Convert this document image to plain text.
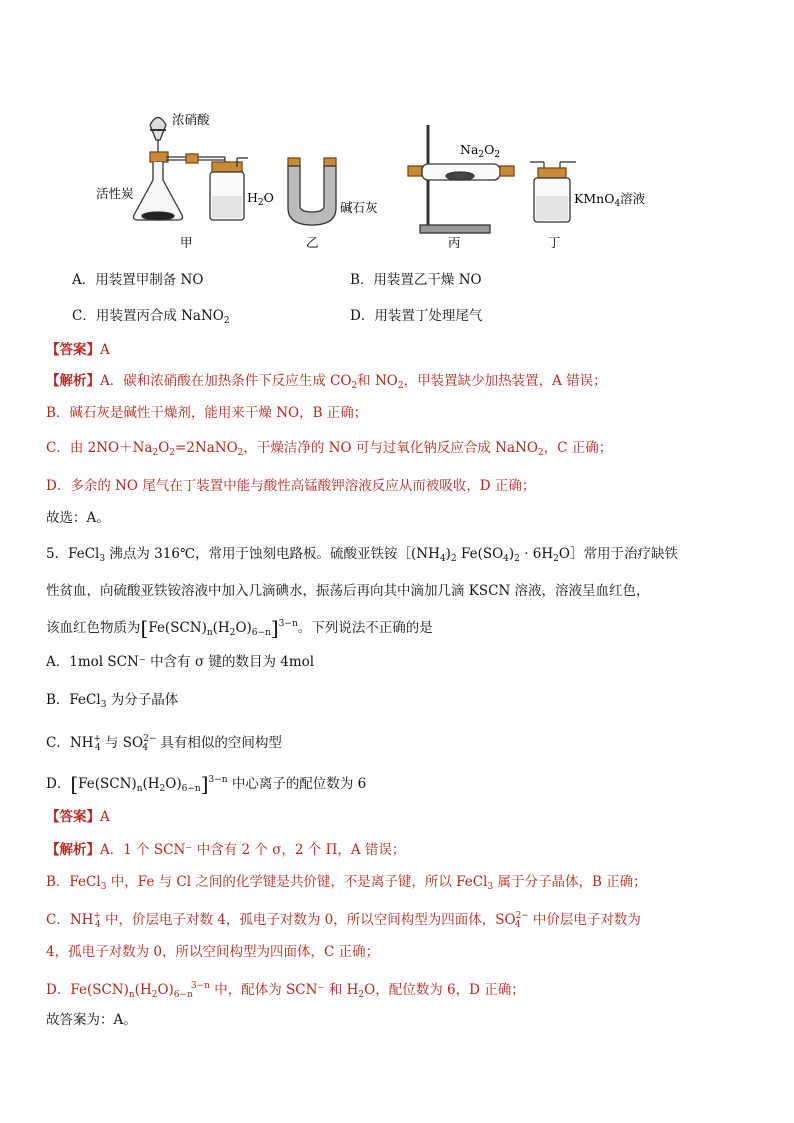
浓硝酸
活性炭	$H_2O$
碱石灰
$Na_2O_2$
KMnO$_4$溶液
甲	乙	丙	丁
A．用装置甲制备 NO	B．用装置乙干燥 NO
C．用装置丙合成 NaNO$_2$	D．用装置丁处理尾气
【答案】A
【解析】A．碳和浓硝酸在加热条件下反应生成 $CO_2$和 $NO_2$，甲装置缺少加热装置，A 错误；
B．碱石灰是碱性干燥剂，能用来干燥 NO，B 正确；
C．由 $2NO+Na_2O_2=2NaNO_2$，干燥洁净的 NO 可与过氧化钠反应合成 NaNO$_2$，C 正确；
D．多余的 NO 尾气在丁装置中能与酸性高锰酸钾溶液反应从而被吸收，D 正确；
故选：A。
5．FeCl$_3$ 沸点为 316℃，常用于蚀刻电路板。硫酸亚铁铵$[(NH_4)_2$ $Fe(SO_4)_2$ · $6H_2O]$常用于治疗缺铁
性贫血，向硫酸亚铁铵溶液中加入几滴碘水，振荡后再向其中滴加几滴 KSCN 溶液，溶液呈血红色，
该血红色物质为$[Fe(SCN)_n(H_2O)_{6-n}]^{3-n}$。下列说法不正确的是
A．1mol SCN⁻ 中含有 σ 键的数目为 4mol
B．FeCl$_3$ 为分子晶体
C．$NH^+_4$ 与 $SO^{2-}_4$ 具有相似的空间构型
D．$[Fe(SCN)_n(H_2O)_{6-n}]^{3-n}$ 中心离子的配位数为 6
【答案】A
【解析】A．1 个 SCN⁻ 中含有 2 个 σ，2 个 Π，A 错误；
B．FeCl$_3$ 中，Fe 与 Cl 之间的化学键是共价键，不是离子键，所以 FeCl$_3$ 属于分子晶体，B 正确；
C．$NH^+_4$ 中，价层电子对数 4，孤电子对数为 0，所以空间构型为四面体，$SO^{2-}_4$ 中价层电子对数为
4，孤电子对数为 0，所以空间构型为四面体，C 正确；
D．$Fe(SCN)_n(H_2O)_{6-n}^{3-n}$ 中，配体为 SCN⁻ 和 $H_2O$，配位数为 6，D 正确；
故答案为：A。
